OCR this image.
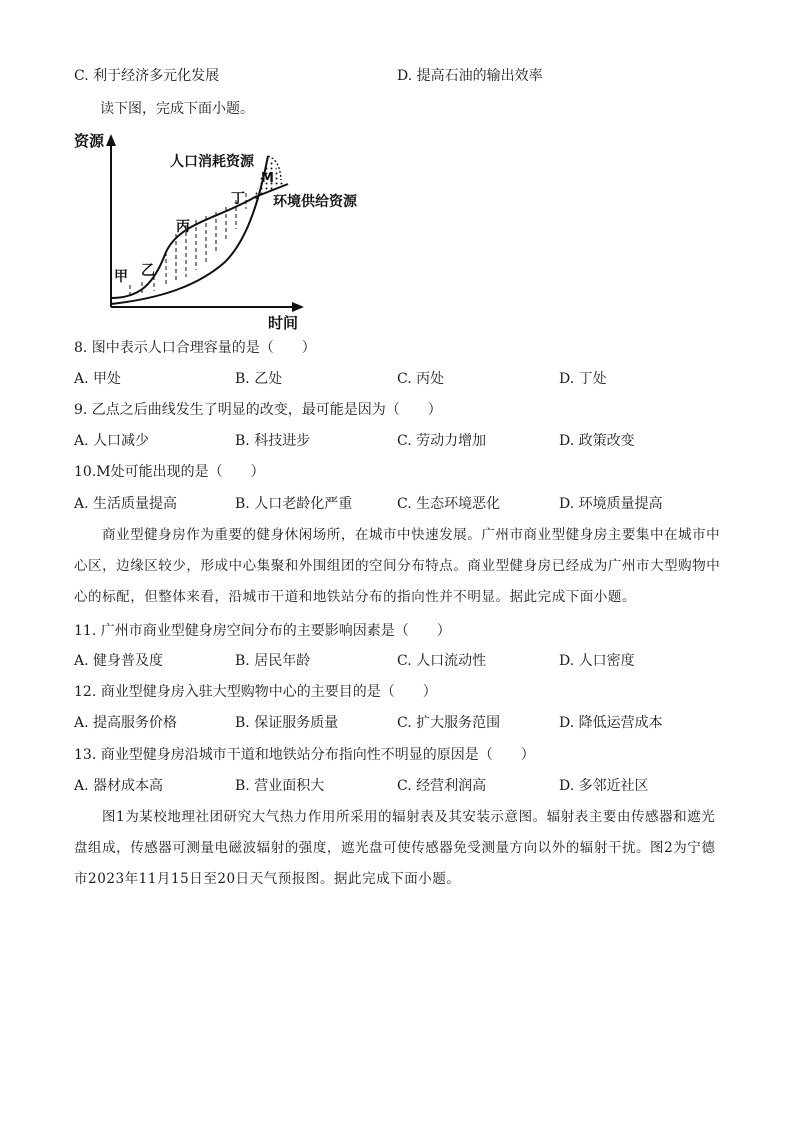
C. 利于经济多元化发展	D. 提高石油的输出效率
读下图，完成下面小题。
资源
时间
人口消耗资源
环境供给资源
M
甲 乙
丙
丁
8. 图中表示人口合理容量的是（　　）
A. 甲处	B. 乙处	C. 丙处	D. 丁处
9. 乙点之后曲线发生了明显的改变，最可能是因为（　　）
A. 人口减少	B. 科技进步	C. 劳动力增加	D. 政策改变
10.M处可能出现的是（　　）
A. 生活质量提高	B. 人口老龄化严重	C. 生态环境恶化	D. 环境质量提高
商业型健身房作为重要的健身休闲场所，在城市中快速发展。广州市商业型健身房主要集中在城市中心区，边缘区较少，形成中心集聚和外围组团的空间分布特点。商业型健身房已经成为广州市大型购物中心的标配，但整体来看，沿城市干道和地铁站分布的指向性并不明显。据此完成下面小题。
11. 广州市商业型健身房空间分布的主要影响因素是（　　）
A. 健身普及度	B. 居民年龄	C. 人口流动性	D. 人口密度
12. 商业型健身房入驻大型购物中心的主要目的是（　　）
A. 提高服务价格	B. 保证服务质量	C. 扩大服务范围	D. 降低运营成本
13. 商业型健身房沿城市干道和地铁站分布指向性不明显的原因是（　　）
A. 器材成本高	B. 营业面积大	C. 经营利润高	D. 多邻近社区
图1为某校地理社团研究大气热力作用所采用的辐射表及其安装示意图。辐射表主要由传感器和遮光盘组成，传感器可测量电磁波辐射的强度，遮光盘可使传感器免受测量方向以外的辐射干扰。图2为宁德市2023年11月15日至20日天气预报图。据此完成下面小题。
